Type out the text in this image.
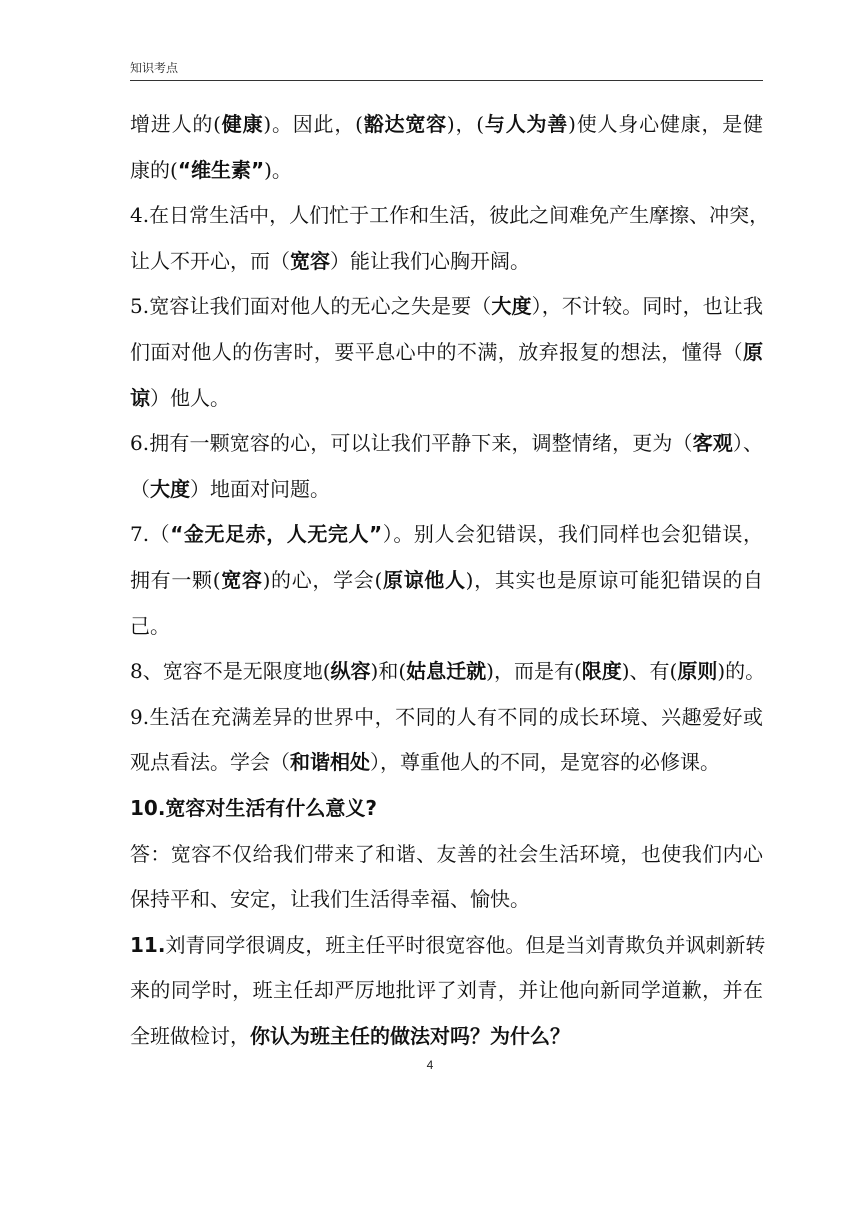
知识考点
增进人的(健康)。因此，(豁达宽容)，(与人为善)使人身心健康，是健
康的(“维生素”)。
4.在日常生活中，人们忙于工作和生活，彼此之间难免产生摩擦、冲突，
让人不开心，而（宽容）能让我们心胸开阔。
5.宽容让我们面对他人的无心之失是要（大度），不计较。同时，也让我
们面对他人的伤害时，要平息心中的不满，放弃报复的想法，懂得（原
谅）他人。
6.拥有一颗宽容的心，可以让我们平静下来，调整情绪，更为（客观）、
（大度）地面对问题。
7.（“金无足赤，人无完人”）。别人会犯错误，我们同样也会犯错误，
拥有一颗(宽容)的心，学会(原谅他人)，其实也是原谅可能犯错误的自
己。
8、宽容不是无限度地(纵容)和(姑息迁就)，而是有(限度)、有(原则)的。
9.生活在充满差异的世界中，不同的人有不同的成长环境、兴趣爱好或
观点看法。学会（和谐相处），尊重他人的不同，是宽容的必修课。
10.宽容对生活有什么意义?
答：宽容不仅给我们带来了和谐、友善的社会生活环境，也使我们内心
保持平和、安定，让我们生活得幸福、愉快。
11.刘青同学很调皮，班主任平时很宽容他。但是当刘青欺负并讽刺新转
来的同学时，班主任却严厉地批评了刘青，并让他向新同学道歉，并在
全班做检讨，你认为班主任的做法对吗？为什么？
4
